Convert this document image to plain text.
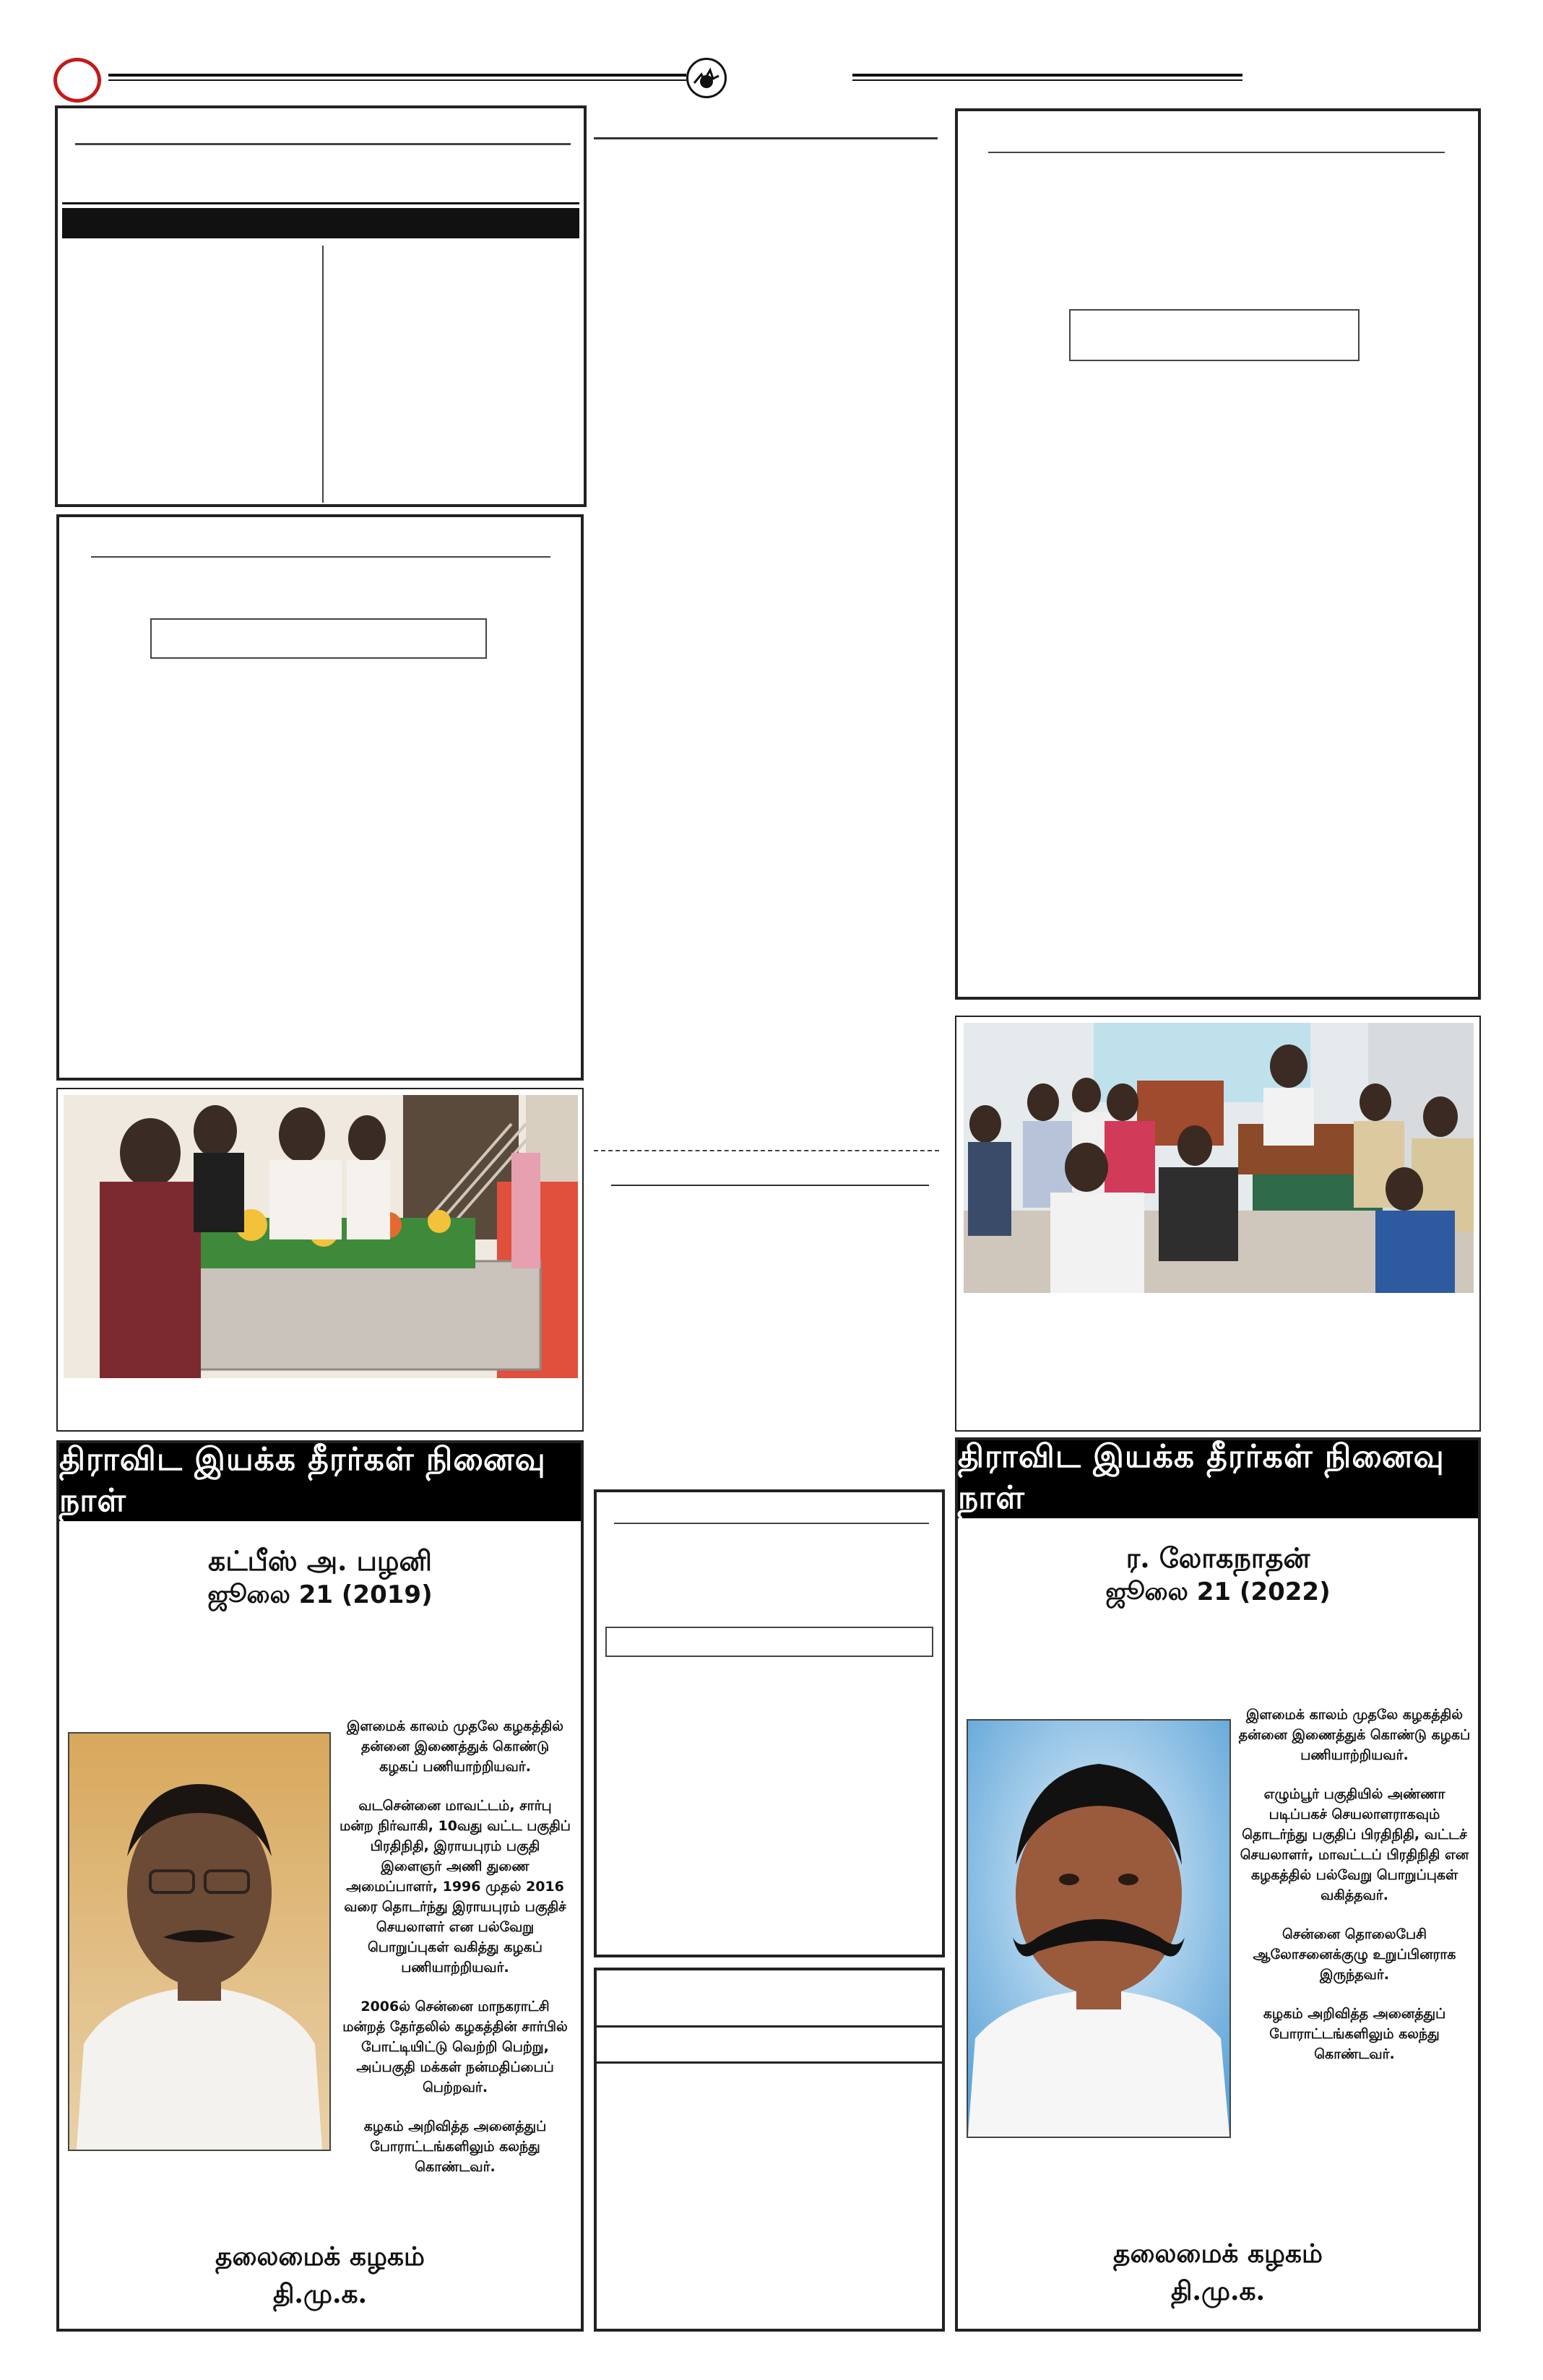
திராவிட இயக்க தீரர்கள் நினைவு நாள்
கட்பீஸ் அ. பழனி
ஜூலை 21 (2019)

இளமைக் காலம் முதலே கழகத்தில் தன்னை இணைத்துக் கொண்டு கழகப் பணியாற்றியவர்.

வடசென்னை மாவட்டம், சார்பு மன்ற நிர்வாகி, 10வது வட்ட பகுதிப் பிரதிநிதி, இராயபுரம் பகுதி இளைஞர் அணி துணை அமைப்பாளர், 1996 முதல் 2016 வரை தொடர்ந்து இராயபுரம் பகுதிச் செயலாளர் என பல்வேறு பொறுப்புகள் வகித்து கழகப் பணியாற்றியவர்.

2006ல் சென்னை மாநகராட்சி மன்றத் தேர்தலில் கழகத்தின் சார்பில் போட்டியிட்டு வெற்றி பெற்று, அப்பகுதி மக்கள் நன்மதிப்பைப் பெற்றவர்.

கழகம் அறிவித்த அனைத்துப் போராட்டங்களிலும் கலந்து கொண்டவர்.

தலைமைக் கழகம்
தி.மு.க.
திராவிட இயக்க தீரர்கள் நினைவு நாள்
ர. லோகநாதன்
ஜூலை 21 (2022)

இளமைக் காலம் முதலே கழகத்தில் தன்னை இணைத்துக் கொண்டு கழகப் பணியாற்றியவர்.

எழும்பூர் பகுதியில் அண்ணா படிப்பகச் செயலாளராகவும் தொடர்ந்து பகுதிப் பிரதிநிதி, வட்டச் செயலாளர், மாவட்டப் பிரதிநிதி என கழகத்தில் பல்வேறு பொறுப்புகள் வகித்தவர்.

சென்னை தொலைபேசி ஆலோசனைக்குழு உறுப்பினராக இருந்தவர்.

கழகம் அறிவித்த அனைத்துப் போராட்டங்களிலும் கலந்து கொண்டவர்.

தலைமைக் கழகம்
தி.மு.க.
